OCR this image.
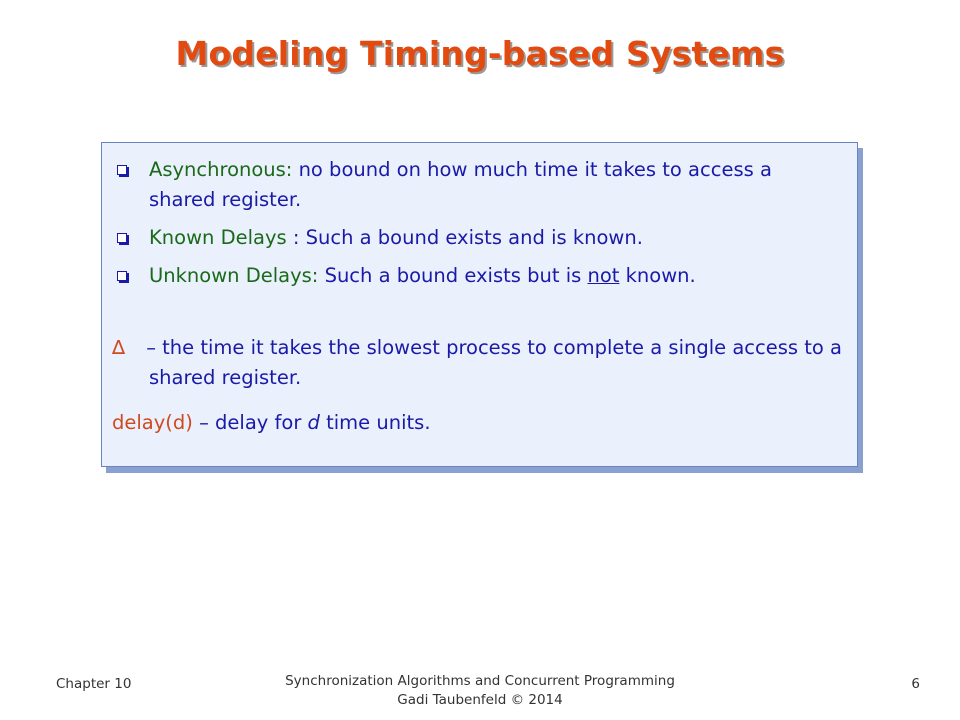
Modeling Timing-based Systems
Asynchronous: no bound on how much time it takes to access a shared register.
Known Delays : Such a bound exists and is known.
Unknown Delays: Such a bound exists but is not known.
∆ – the time it takes the slowest process to complete a single access to a shared register.
delay(d) – delay for d time units.
Chapter 10	Synchronization Algorithms and Concurrent Programming
Gadi Taubenfeld © 2014
6
